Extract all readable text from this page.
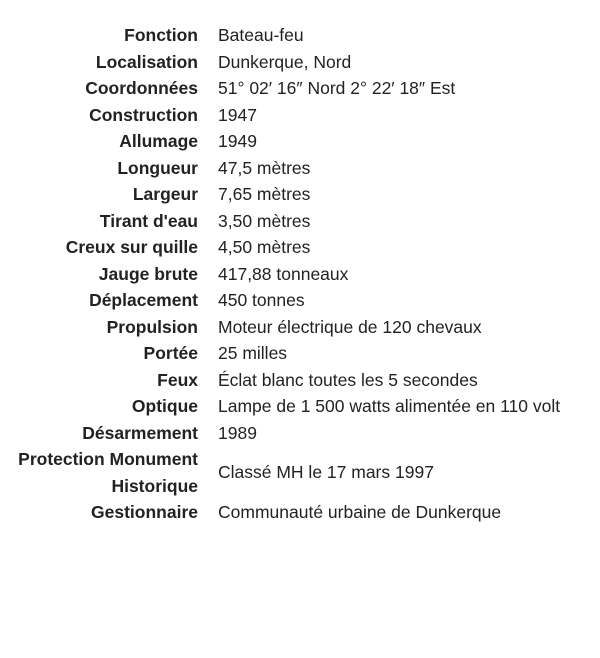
Fonction	Bateau-feu
Localisation	Dunkerque, Nord
Coordonnées	51° 02′ 16″ Nord 2° 22′ 18″ Est
Construction	1947
Allumage	1949
Longueur	47,5 mètres
Largeur	7,65 mètres
Tirant d'eau	3,50 mètres
Creux sur quille	4,50 mètres
Jauge brute	417,88 tonneaux
Déplacement	450 tonnes
Propulsion	Moteur électrique de 120 chevaux
Portée	25 milles
Feux	Éclat blanc toutes les 5 secondes
Optique	Lampe de 1 500 watts alimentée en 110 volt
Désarmement	1989
Protection Monument Historique	Classé MH le 17 mars 1997
Gestionnaire	Communauté urbaine de Dunkerque
